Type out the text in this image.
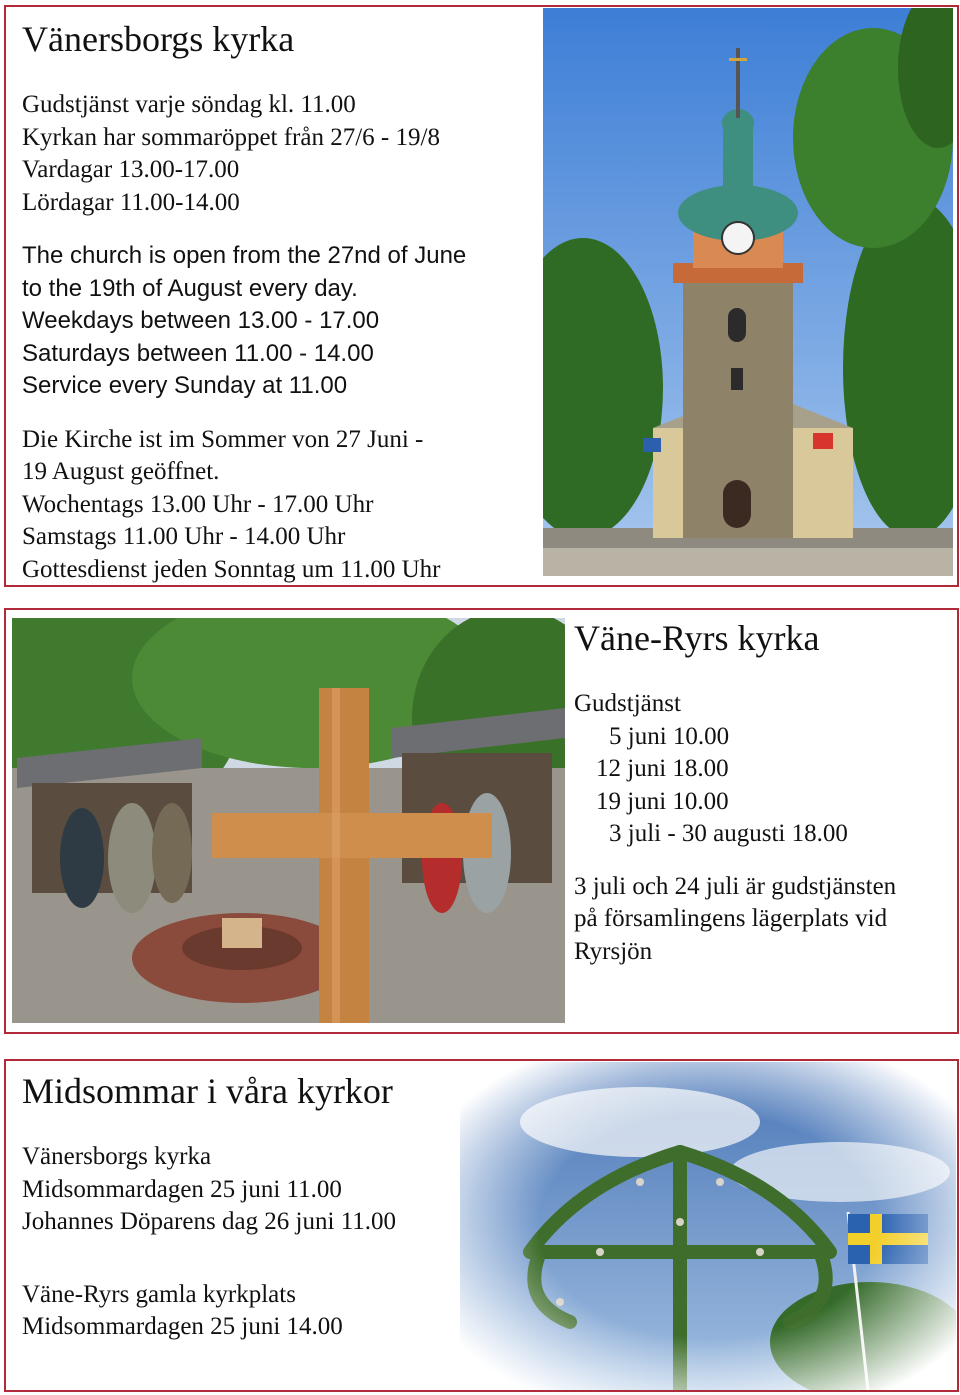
Vänersborgs kyrka

Gudstjänst varje söndag kl. 11.00

Kyrkan har sommaröppet från 27/6 - 19/8

Vardagar 13.00-17.00

Lördagar 11.00-14.00

The church is open from the 27nd of June

to the 19th of August every day.

Weekdays between 13.00 - 17.00

Saturdays between 11.00 - 14.00

Service every Sunday at 11.00

Die Kirche ist im Sommer von 27 Juni -

19 August geöffnet.

Wochentags 13.00 Uhr - 17.00 Uhr

Samstags 11.00 Uhr - 14.00 Uhr

Gottesdienst jeden Sonntag um 11.00 Uhr

Väne-Ryrs kyrka

Gudstjänst

5 juni 10.00

12 juni 18.00

19 juni 10.00

3 juli - 30 augusti 18.00

3 juli och 24 juli är gudstjänsten

på församlingens lägerplats vid

Ryrsjön

Midsommar i våra kyrkor

Vänersborgs kyrka

Midsommardagen 25 juni 11.00

Johannes Döparens dag 26 juni 11.00

Väne-Ryrs gamla kyrkplats

Midsommardagen 25 juni 14.00
